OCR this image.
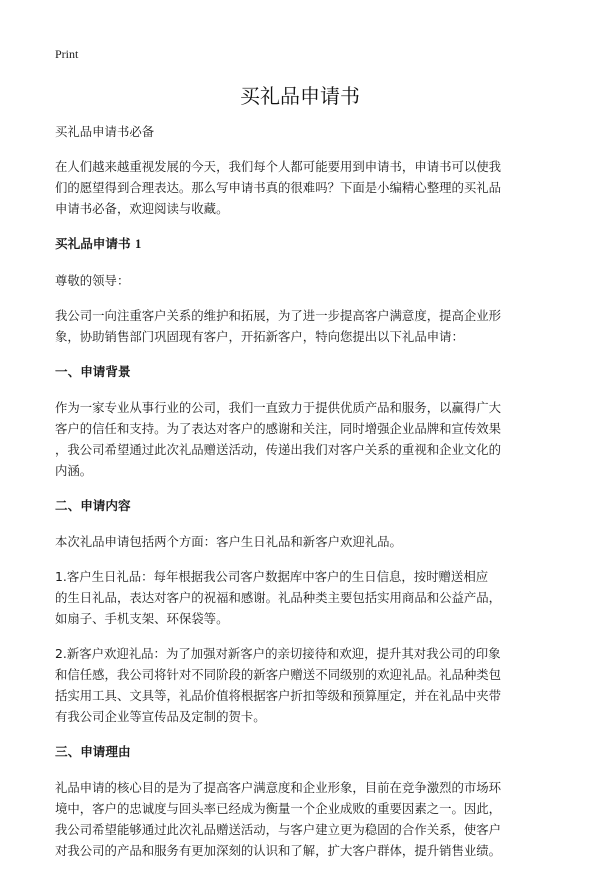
Print
买礼品申请书

买礼品申请书必备

在人们越来越重视发展的今天，我们每个人都可能要用到申请书，申请书可以使我

们的愿望得到合理表达。那么写申请书真的很难吗？下面是小编精心整理的买礼品

申请书必备，欢迎阅读与收藏。

买礼品申请书 1

尊敬的领导：

我公司一向注重客户关系的维护和拓展，为了进一步提高客户满意度，提高企业形

象，协助销售部门巩固现有客户，开拓新客户，特向您提出以下礼品申请：

一、申请背景

作为一家专业从事行业的公司，我们一直致力于提供优质产品和服务，以赢得广大

客户的信任和支持。为了表达对客户的感谢和关注，同时增强企业品牌和宣传效果

，我公司希望通过此次礼品赠送活动，传递出我们对客户关系的重视和企业文化的

内涵。

二、申请内容

本次礼品申请包括两个方面：客户生日礼品和新客户欢迎礼品。

1.客户生日礼品：每年根据我公司客户数据库中客户的生日信息，按时赠送相应

的生日礼品，表达对客户的祝福和感谢。礼品种类主要包括实用商品和公益产品，

如扇子、手机支架、环保袋等。

2.新客户欢迎礼品：为了加强对新客户的亲切接待和欢迎，提升其对我公司的印象

和信任感，我公司将针对不同阶段的新客户赠送不同级别的欢迎礼品。礼品种类包

括实用工具、文具等，礼品价值将根据客户折扣等级和预算厘定，并在礼品中夹带

有我公司企业等宣传品及定制的贺卡。

三、申请理由

礼品申请的核心目的是为了提高客户满意度和企业形象，目前在竞争激烈的市场环

境中，客户的忠诚度与回头率已经成为衡量一个企业成败的重要因素之一。因此，

我公司希望能够通过此次礼品赠送活动，与客户建立更为稳固的合作关系，使客户

对我公司的产品和服务有更加深刻的认识和了解，扩大客户群体，提升销售业绩。
